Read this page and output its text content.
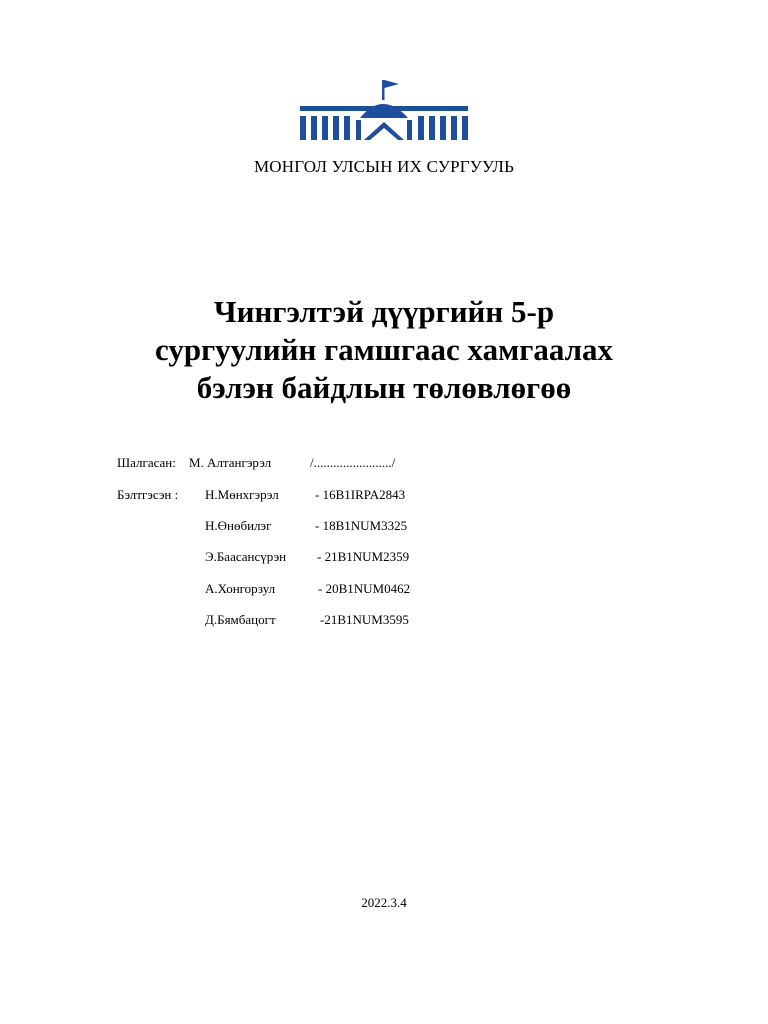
МОНГОЛ УЛСЫН ИХ СУРГУУЛЬ
Чингэлтэй дүүргийн 5-р
сургуулийн гамшгаас хамгаалах
бэлэн байдлын төлөвлөгөө
Шалгасан: М. Алтангэрэл	/......................../
Бэлтгэсэн : Н.Мөнхгэрэл	- 16B1IRPA2843
Н.Өнөбилэг	- 18B1NUM3325
Э.Баасансүрэн - 21B1NUM2359
А.Хонгорзул	- 20B1NUM0462
Д.Бямбацогт	-21B1NUM3595
2022.3.4
